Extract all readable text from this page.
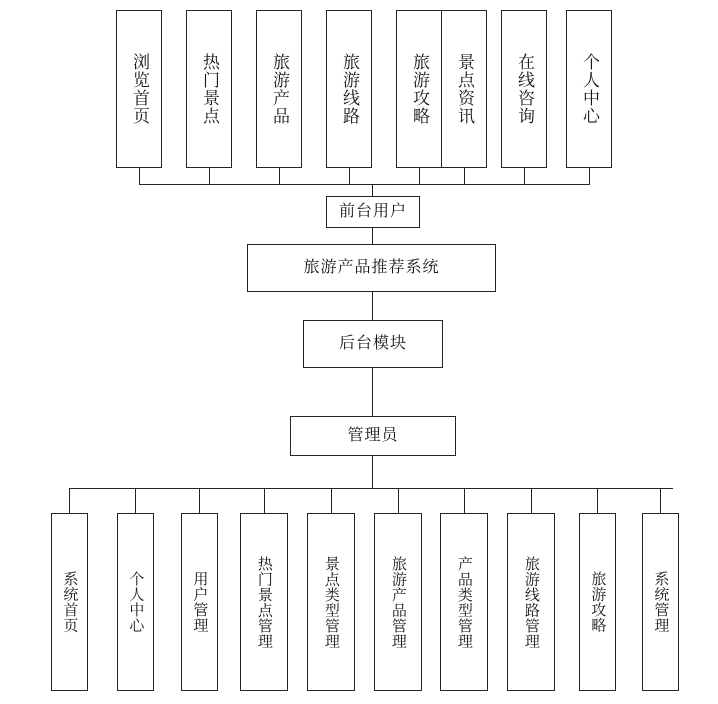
浏览首页	热门景点	旅游产品	旅游线路	旅游攻略	景点资讯	在线咨询	个人中心
前台用户
旅游产品推荐系统
后台模块
管理员
系统首页	个人中心	用户管理	热门景点管理	景点类型管理	旅游产品管理	产品类型管理	旅游线路管理	旅游攻略	系统管理
